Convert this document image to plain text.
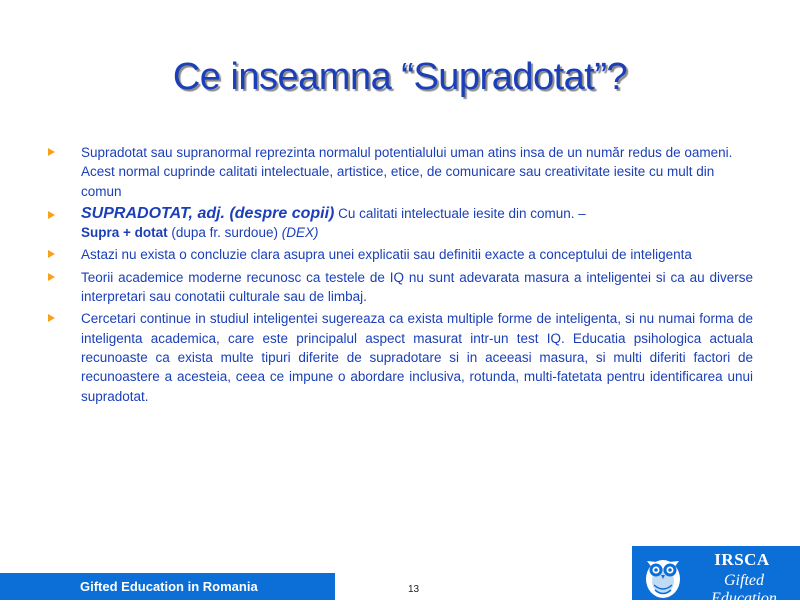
Ce inseamna “Supradotat”?
Supradotat sau supranormal reprezinta normalul potentialului uman atins insa de un număr redus de oameni. Acest normal cuprinde calitati intelectuale, artistice, etice, de comunicare sau creativitate iesite cu mult din comun
SUPRADOTAT, adj. (despre copii) Cu calitati intelectuale iesite din comun. –
Supra + dotat (dupa fr. surdoue) (DEX)
Astazi nu exista o concluzie clara asupra unei explicatii sau definitii exacte a conceptului de inteligenta
Teorii academice moderne recunosc ca testele de IQ nu sunt adevarata masura a inteligentei si ca au diverse interpretari sau conotatii culturale sau de limbaj.
Cercetari continue in studiul inteligentei sugereaza ca exista multiple forme de inteligenta, si nu numai forma de inteligenta academica, care este principalul aspect masurat intr-un test IQ. Educatia psihologica actuala recunoaste ca exista multe tipuri diferite de supradotare si in aceeasi masura, si multi diferiti factori de recunoastere a acesteia, ceea ce impune o abordare inclusiva, rotunda, multi-fatetata pentru identificarea unui supradotat.
Gifted Education in Romania	13
IRSCA
Gifted Education
